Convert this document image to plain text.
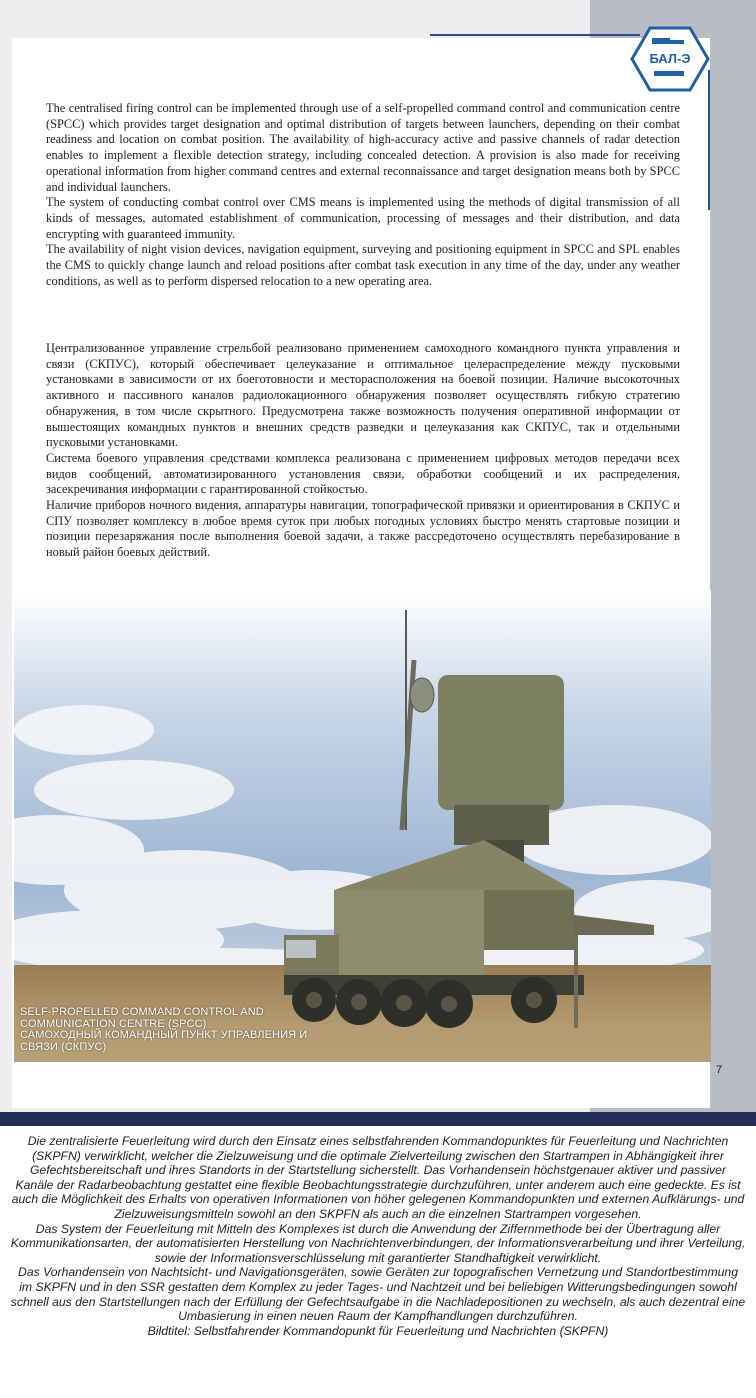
БАЛ-Э

The centralised firing control can be implemented through use of a self-propelled command control and communication centre (SPCC) which provides target designation and optimal distribution of targets between launchers, depending on their combat readiness and location on combat position. The availability of high-accuracy active and passive channels of radar detection enables to implement a flexible detection strategy, including concealed detection. A provision is also made for receiving operational information from higher command centres and external reconnaissance and target designation means both by SPCC and individual launchers.

The system of conducting combat control over CMS means is implemented using the methods of digital transmission of all kinds of messages, automated establishment of communication, processing of messages and their distribution, and data encrypting with guaranteed immunity.

The availability of night vision devices, navigation equipment, surveying and positioning equipment in SPCC and SPL enables the CMS to quickly change launch and reload positions after combat task execution in any time of the day, under any weather conditions, as well as to perform dispersed relocation to a new operating area.

Централизованное управление стрельбой реализовано применением самоходного командного пункта управления и связи (СКПУС), который обеспечивает целеуказание и оптимальное целераспределение между пусковыми установками в зависимости от их боеготовности и месторасположения на боевой позиции. Наличие высокоточных активного и пассивного каналов радиолокационного обнаружения позволяет осуществлять гибкую стратегию обнаружения, в том числе скрытного. Предусмотрена также возможность получения оперативной информации от вышестоящих командных пунктов и внешних средств разведки и целеуказания как СКПУС, так и отдельными пусковыми установками.

Система боевого управления средствами комплекса реализована с применением цифровых методов передачи всех видов сообщений, автоматизированного установления связи, обработки сообщений и их распределения, засекречивания информации с гарантированной стойкостью.

Наличие приборов ночного видения, аппаратуры навигации, топографической привязки и ориентирования в СКПУС и СПУ позволяет комплексу в любое время суток при любых погодных условиях быстро менять стартовые позиции и позиции перезаряжания после выполнения боевой задачи, а также рассредоточено осуществлять перебазирование в новый район боевых действий.

SELF-PROPELLED COMMAND CONTROL AND
COMMUNICATION CENTRE (SPCC)
САМОХОДНЫЙ КОМАНДНЫЙ ПУНКТ УПРАВЛЕНИЯ И
СВЯЗИ (СКПУС)
7

Die zentralisierte Feuerleitung wird durch den Einsatz eines selbstfahrenden Kommandopunktes für Feuerleitung und Nachrichten (SKPFN) verwirklicht, welcher die Zielzuweisung und die optimale Zielverteilung zwischen den Startrampen in Abhängigkeit ihrer Gefechtsbereitschaft und ihres Standorts in der Startstellung sicherstellt. Das Vorhandensein höchstgenauer aktiver und passiver Kanäle der Radarbeobachtung gestattet eine flexible Beobachtungsstrategie durchzuführen, unter anderem auch eine gedeckte. Es ist auch die Möglichkeit des Erhalts von operativen Informationen von höher gelegenen Kommandopunkten und externen Aufklärungs- und Zielzuweisungsmitteln sowohl an den SKPFN als auch an die einzelnen Startrampen vorgesehen.

Das System der Feuerleitung mit Mitteln des Komplexes ist durch die Anwendung der Ziffernmethode bei der Übertragung aller Kommunikationsarten, der automatisierten Herstellung von Nachrichtenverbindungen, der Informationsverarbeitung und ihrer Verteilung, sowie der Informationsverschlüsselung mit garantierter Standhaftigkeit verwirklicht.

Das Vorhandensein von Nachtsicht- und Navigationsgeräten, sowie Geräten zur topografischen Vernetzung und Standortbestimmung im SKPFN und in den SSR gestatten dem Komplex zu jeder Tages- und Nachtzeit und bei beliebigen Witterungsbedingungen sowohl schnell aus den Startstellungen nach der Erfüllung der Gefechtsaufgabe in die Nachladepositionen zu wechseln, als auch dezentral eine Umbasierung in einen neuen Raum der Kampfhandlungen durchzuführen.

Bildtitel: Selbstfahrender Kommandopunkt für Feuerleitung und Nachrichten (SKPFN)
